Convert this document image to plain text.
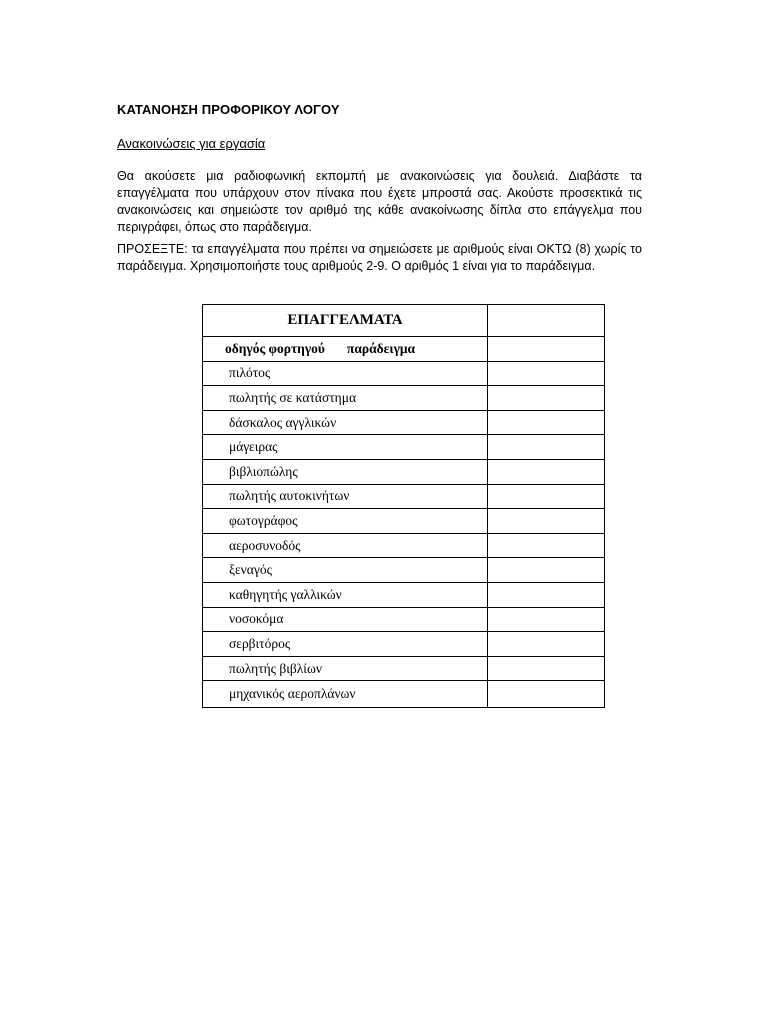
ΚΑΤΑΝΟΗΣΗ ΠΡΟΦΟΡΙΚΟΥ ΛΟΓΟΥ
Ανακοινώσεις για εργασία

Θα ακούσετε μια ραδιοφωνική εκπομπή με ανακοινώσεις για δουλειά. Διαβάστε τα επαγγέλματα που υπάρχουν στον πίνακα που έχετε μπροστά σας. Ακούστε προσεκτικά τις ανακοινώσεις και σημειώστε τον αριθμό της κάθε ανακοίνωσης δίπλα στο επάγγελμα που περιγράφει, όπως στο παράδειγμα.

ΠΡΟΣΕΞΤΕ: τα επαγγέλματα που πρέπει να σημειώσετε με αριθμούς είναι ΟΚΤΩ (8) χωρίς το παράδειγμα. Χρησιμοποιήστε τους αριθμούς 2-9. Ο αριθμός 1 είναι για το παράδειγμα.

ΕΠΑΓΓΕΛΜΑΤΑ	
οδηγός φορτηγού παράδειγμα	
πιλότος	
πωλητής σε κατάστημα	
δάσκαλος αγγλικών	
μάγειρας	
βιβλιοπώλης	
πωλητής αυτοκινήτων	
φωτογράφος	
αεροσυνοδός	
ξεναγός	
καθηγητής γαλλικών	
νοσοκόμα	
σερβιτόρος	
πωλητής βιβλίων	
μηχανικός αεροπλάνων	
